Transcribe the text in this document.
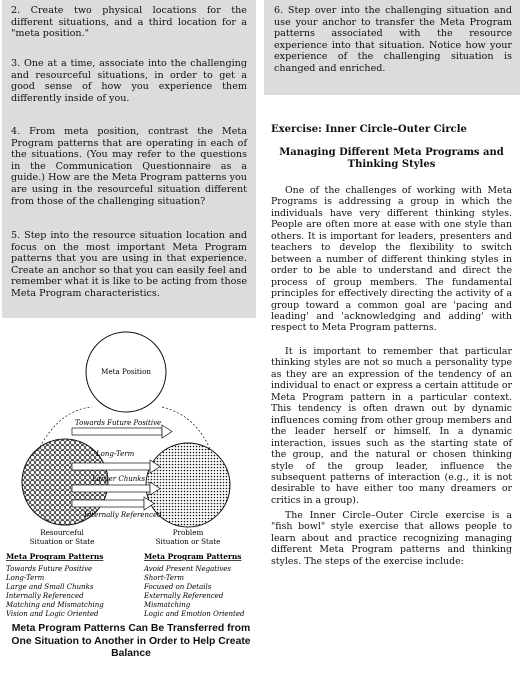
2. Create two physical locations for the different situations, and a third location for a "meta position."
3. One at a time, associate into the challenging and resourceful situations, in order to get a good sense of how you experience them differently inside of you.
4. From meta position, contrast the Meta Program patterns that are operating in each of the situations. (You may refer to the questions in the Communication Questionnaire as a guide.) How are the Meta Program patterns you are using in the resourceful situation different from those of the challenging situation?
5. Step into the resource situation location and focus on the most important Meta Program patterns that you are using in that experience. Create an anchor so that you can easily feel and remember what it is like to be acting from those Meta Program characteristics.
6. Step over into the challenging situation and use your anchor to transfer the Meta Program patterns associated with the resource experience into that situation. Notice how your experience of the challenging situation is changed and enriched.
Exercise: Inner Circle–Outer Circle
Managing Different Meta Programs and Thinking Styles
One of the challenges of working with Meta Programs is addressing a group in which the individuals have very different thinking styles. People are often more at ease with one style than others. It is important for leaders, presenters and teachers to develop the flexibility to switch between a number of different thinking styles in order to be able to understand and direct the process of group members. The fundamental principles for effectively directing the activity of a group toward a common goal are 'pacing and leading' and 'acknowledging and adding' with respect to Meta Program patterns.
It is important to remember that particular thinking styles are not so much a personality type as they are an expression of the tendency of an individual to enact or express a certain attitude or Meta Program pattern in a particular context. This tendency is often drawn out by dynamic influences coming from other group members and the leader herself or himself. In a dynamic interaction, issues such as the starting state of the group, and the natural or chosen thinking style of the group leader, influence the subsequent patterns of interaction (e.g., it is not desirable to have either too many dreamers or critics in a group).
The Inner Circle–Outer Circle exercise is a "fish bowl" style exercise that allows people to learn about and practice recognizing managing different Meta Program patterns and thinking styles. The steps of the exercise include:
Meta Position
Towards Future Positive
Long-Term
Larger Chunks
Internally Referenced
Resourceful
Situation or State
Problem
Situation or State
Meta Program Patterns
Towards Future Positive
Long-Term
Large and Small Chunks
Internally Referenced
Matching and Mismatching
Vision and Logic Oriented
Meta Program Patterns
Avoid Present Negatives
Short-Term
Focused on Details
Externally Referenced
Mismatching
Logic and Emotion Oriented
Meta Program Patterns Can Be Transferred from One Situation to Another in Order to Help Create Balance
